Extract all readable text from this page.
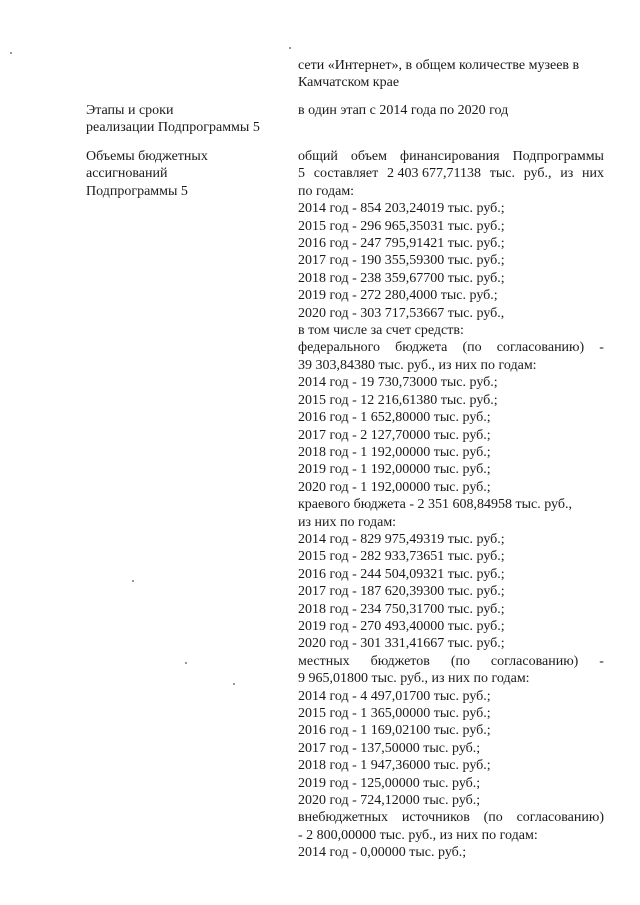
сети «Интернет», в общем количестве музеев в
Камчатском крае
Этапы и сроки
реализации Подпрограммы 5
в один этап с 2014 года по 2020 год
Объемы бюджетных
ассигнований
Подпрограммы 5
общий объем финансирования Подпрограммы
5 составляет 2 403 677,71138 тыс. руб., из них
по годам:
2014 год - 854 203,24019 тыс. руб.;
2015 год - 296 965,35031 тыс. руб.;
2016 год - 247 795,91421 тыс. руб.;
2017 год - 190 355,59300 тыс. руб.;
2018 год - 238 359,67700 тыс. руб.;
2019 год - 272 280,4000 тыс. руб.;
2020 год - 303 717,53667 тыс. руб.,
в том числе за счет средств:
федерального бюджета (по согласованию) -
39 303,84380 тыс. руб., из них по годам:
2014 год - 19 730,73000 тыс. руб.;
2015 год - 12 216,61380 тыс. руб.;
2016 год - 1 652,80000 тыс. руб.;
2017 год - 2 127,70000 тыс. руб.;
2018 год - 1 192,00000 тыс. руб.;
2019 год - 1 192,00000 тыс. руб.;
2020 год - 1 192,00000 тыс. руб.;
краевого бюджета - 2 351 608,84958 тыс. руб.,
из них по годам:
2014 год - 829 975,49319 тыс. руб.;
2015 год - 282 933,73651 тыс. руб.;
2016 год - 244 504,09321 тыс. руб.;
2017 год - 187 620,39300 тыс. руб.;
2018 год - 234 750,31700 тыс. руб.;
2019 год - 270 493,40000 тыс. руб.;
2020 год - 301 331,41667 тыс. руб.;
местных бюджетов (по согласованию) -
9 965,01800 тыс. руб., из них по годам:
2014 год - 4 497,01700 тыс. руб.;
2015 год - 1 365,00000 тыс. руб.;
2016 год - 1 169,02100 тыс. руб.;
2017 год - 137,50000 тыс. руб.;
2018 год - 1 947,36000 тыс. руб.;
2019 год - 125,00000 тыс. руб.;
2020 год - 724,12000 тыс. руб.;
внебюджетных источников (по согласованию)
- 2 800,00000 тыс. руб., из них по годам:
2014 год - 0,00000 тыс. руб.;
